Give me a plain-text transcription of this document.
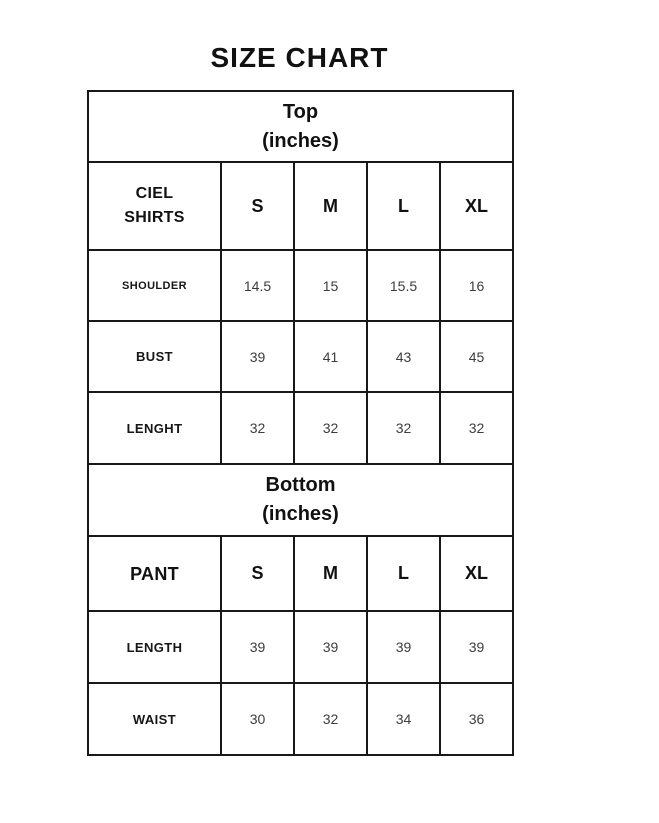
SIZE CHART
Top
(inches)				

CIEL
SHIRTS	S	M	L	XL
SHOULDER	14.5	15	15.5	16
BUST	39	41	43	45
LENGHT	32	32	32	32

Bottom
(inches)				

PANT	S	M	L	XL
LENGTH	39	39	39	39
WAIST	30	32	34	36
